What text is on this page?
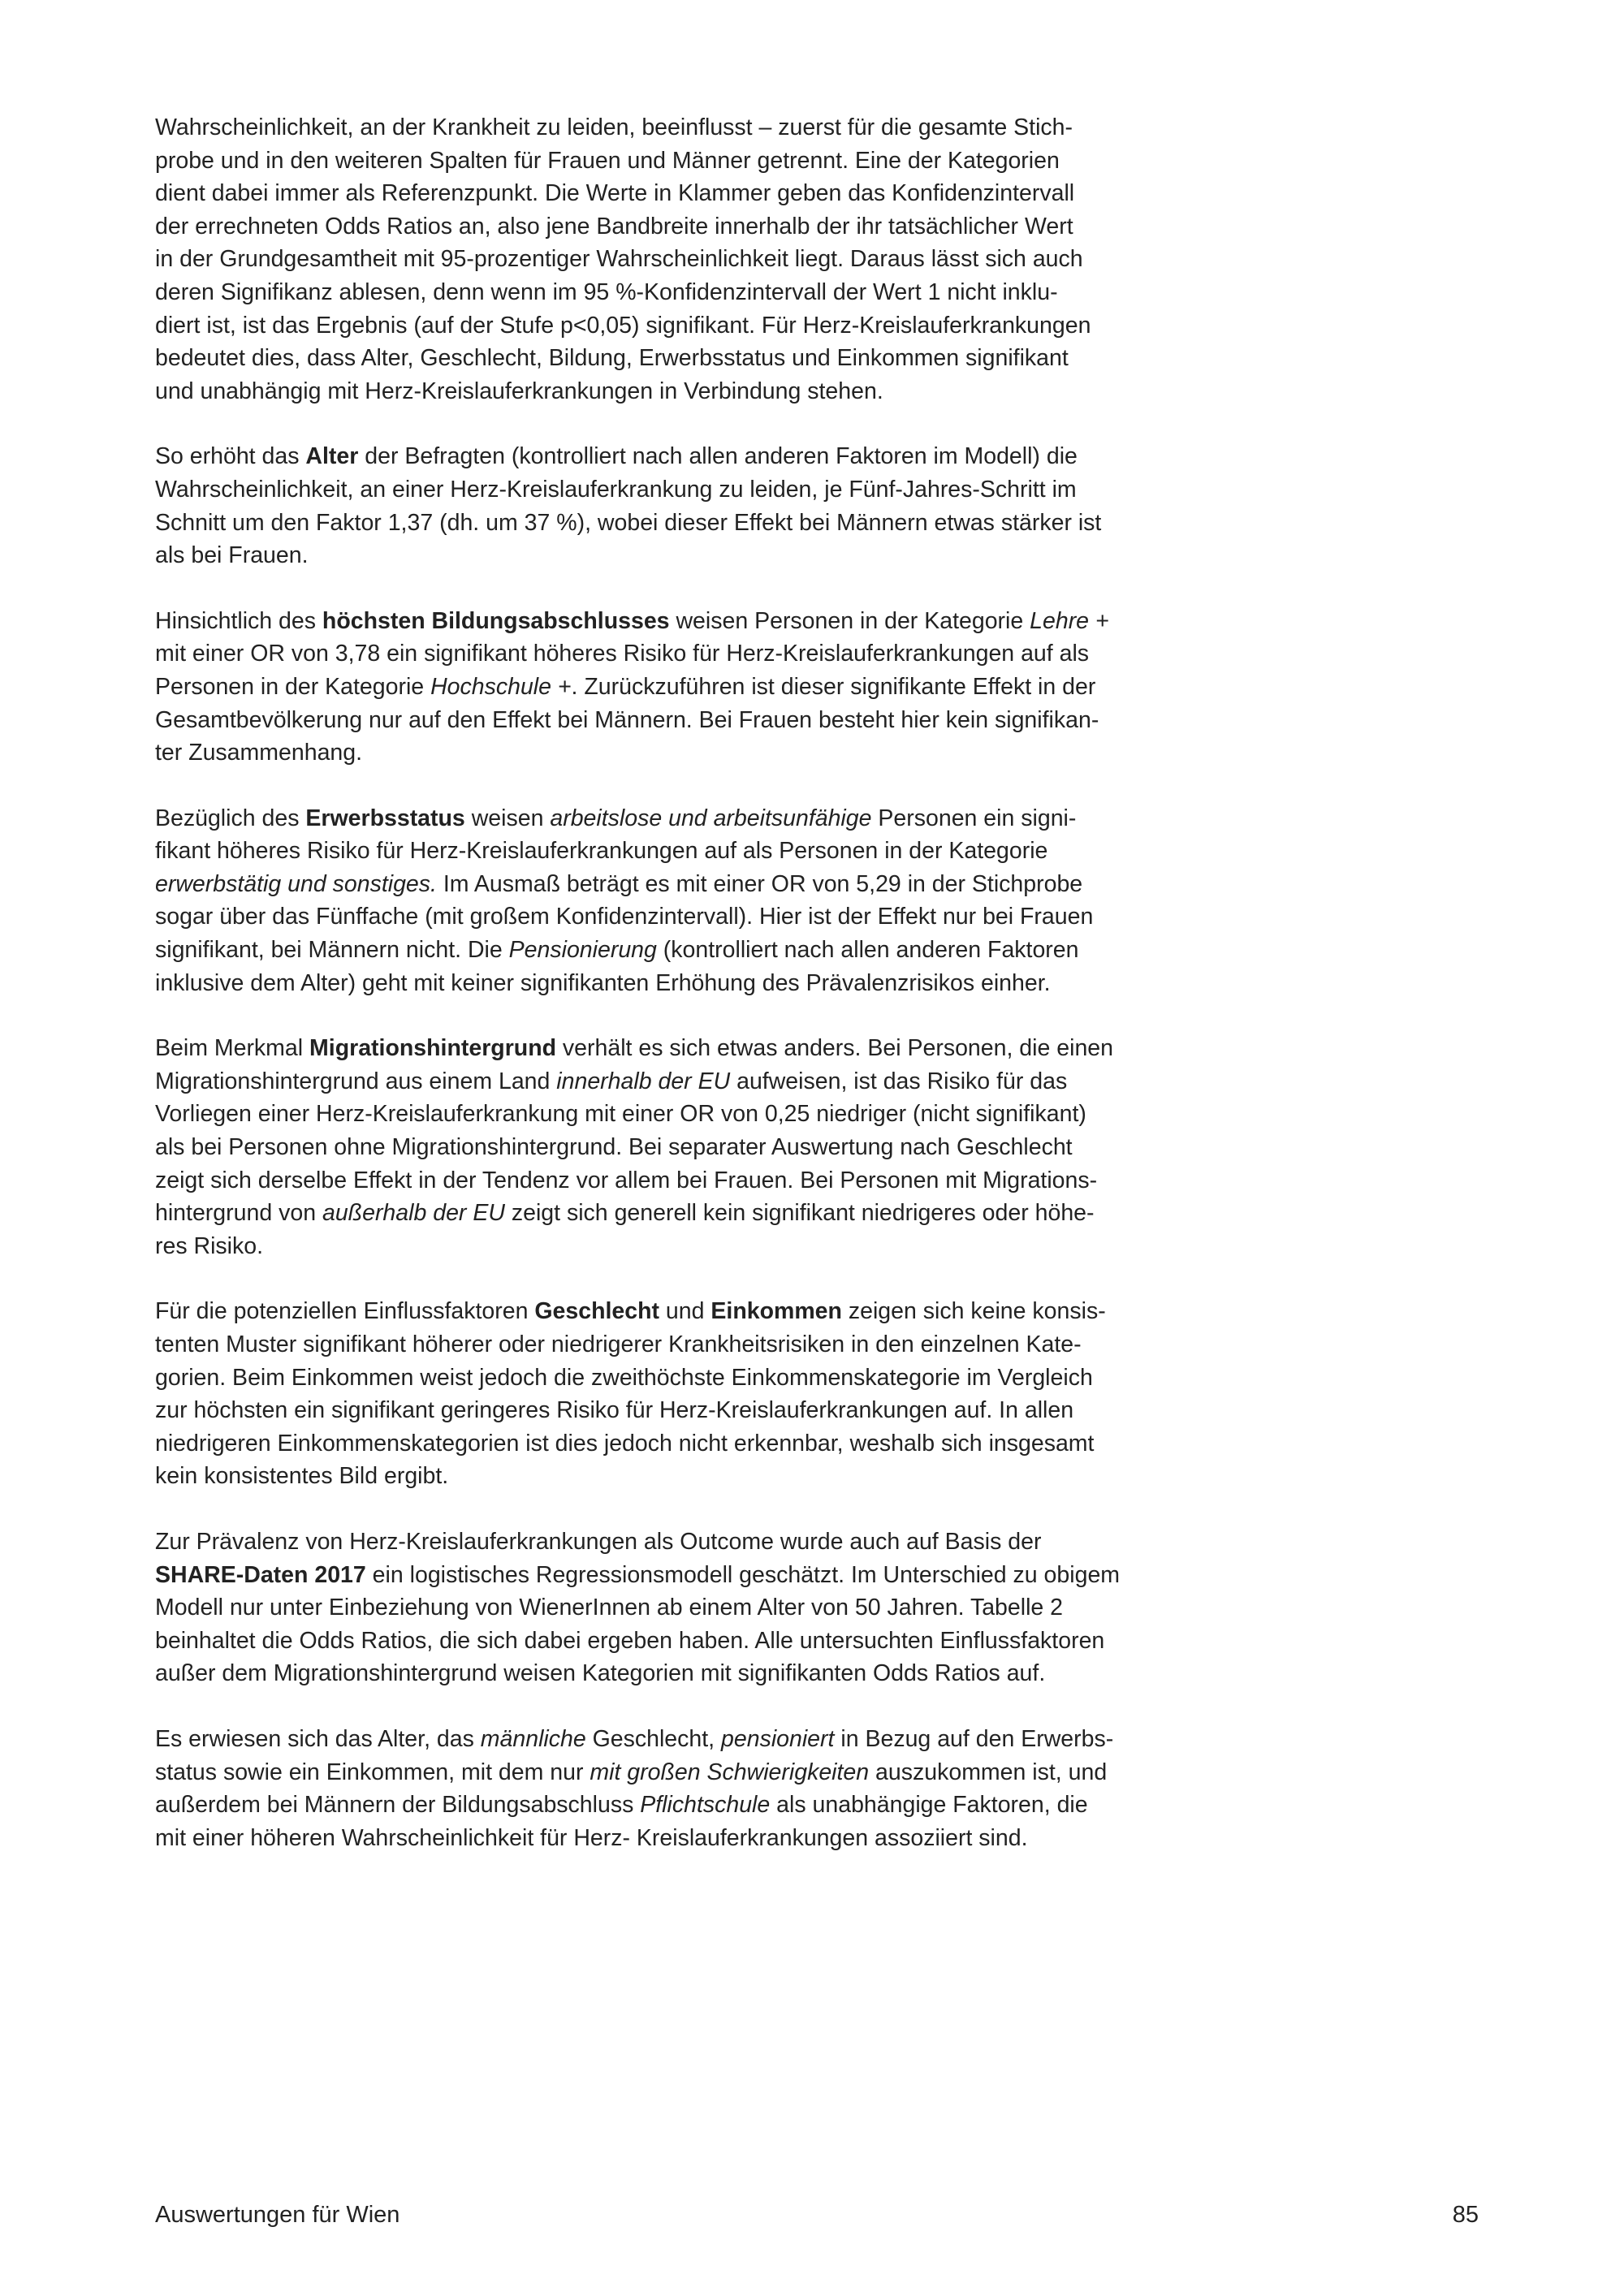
Wahrscheinlichkeit, an der Krankheit zu leiden, beeinflusst – zuerst für die gesamte Stich-
probe und in den weiteren Spalten für Frauen und Männer getrennt. Eine der Kategorien
dient dabei immer als Referenzpunkt. Die Werte in Klammer geben das Konfidenzintervall
der errechneten Odds Ratios an, also jene Bandbreite innerhalb der ihr tatsächlicher Wert
in der Grundgesamtheit mit 95-prozentiger Wahrscheinlichkeit liegt. Daraus lässt sich auch
deren Signifikanz ablesen, denn wenn im 95 %-Konfidenzintervall der Wert 1 nicht inklu-
diert ist, ist das Ergebnis (auf der Stufe p<0,05) signifikant. Für Herz-Kreislauferkrankungen
bedeutet dies, dass Alter, Geschlecht, Bildung, Erwerbsstatus und Einkommen signifikant
und unabhängig mit Herz-Kreislauferkrankungen in Verbindung stehen.

So erhöht das Alter der Befragten (kontrolliert nach allen anderen Faktoren im Modell) die
Wahrscheinlichkeit, an einer Herz-Kreislauferkrankung zu leiden, je Fünf-Jahres-Schritt im
Schnitt um den Faktor 1,37 (dh. um 37 %), wobei dieser Effekt bei Männern etwas stärker ist
als bei Frauen.

Hinsichtlich des höchsten Bildungsabschlusses weisen Personen in der Kategorie Lehre +
mit einer OR von 3,78 ein signifikant höheres Risiko für Herz-Kreislauferkrankungen auf als
Personen in der Kategorie Hochschule +. Zurückzuführen ist dieser signifikante Effekt in der
Gesamtbevölkerung nur auf den Effekt bei Männern. Bei Frauen besteht hier kein signifikan-
ter Zusammenhang.

Bezüglich des Erwerbsstatus weisen arbeitslose und arbeitsunfähige Personen ein signi-
fikant höheres Risiko für Herz-Kreislauferkrankungen auf als Personen in der Kategorie
erwerbstätig und sonstiges. Im Ausmaß beträgt es mit einer OR von 5,29 in der Stichprobe
sogar über das Fünffache (mit großem Konfidenzintervall). Hier ist der Effekt nur bei Frauen
signifikant, bei Männern nicht. Die Pensionierung (kontrolliert nach allen anderen Faktoren
inklusive dem Alter) geht mit keiner signifikanten Erhöhung des Prävalenzrisikos einher.

Beim Merkmal Migrationshintergrund verhält es sich etwas anders. Bei Personen, die einen
Migrationshintergrund aus einem Land innerhalb der EU aufweisen, ist das Risiko für das
Vorliegen einer Herz-Kreislauferkrankung mit einer OR von 0,25 niedriger (nicht signifikant)
als bei Personen ohne Migrationshintergrund. Bei separater Auswertung nach Geschlecht
zeigt sich derselbe Effekt in der Tendenz vor allem bei Frauen. Bei Personen mit Migrations-
hintergrund von außerhalb der EU zeigt sich generell kein signifikant niedrigeres oder höhe-
res Risiko.

Für die potenziellen Einflussfaktoren Geschlecht und Einkommen zeigen sich keine konsis-
tenten Muster signifikant höherer oder niedrigerer Krankheitsrisiken in den einzelnen Kate-
gorien. Beim Einkommen weist jedoch die zweithöchste Einkommenskategorie im Vergleich
zur höchsten ein signifikant geringeres Risiko für Herz-Kreislauferkrankungen auf. In allen
niedrigeren Einkommenskategorien ist dies jedoch nicht erkennbar, weshalb sich insgesamt
kein konsistentes Bild ergibt.

Zur Prävalenz von Herz-Kreislauferkrankungen als Outcome wurde auch auf Basis der
SHARE-Daten 2017 ein logistisches Regressionsmodell geschätzt. Im Unterschied zu obigem
Modell nur unter Einbeziehung von WienerInnen ab einem Alter von 50 Jahren. Tabelle 2
beinhaltet die Odds Ratios, die sich dabei ergeben haben. Alle untersuchten Einflussfaktoren
außer dem Migrationshintergrund weisen Kategorien mit signifikanten Odds Ratios auf.

Es erwiesen sich das Alter, das männliche Geschlecht, pensioniert in Bezug auf den Erwerbs-
status sowie ein Einkommen, mit dem nur mit großen Schwierigkeiten auszukommen ist, und
außerdem bei Männern der Bildungsabschluss Pflichtschule als unabhängige Faktoren, die
mit einer höheren Wahrscheinlichkeit für Herz- Kreislauferkrankungen assoziiert sind.

Auswertungen für Wien	85
